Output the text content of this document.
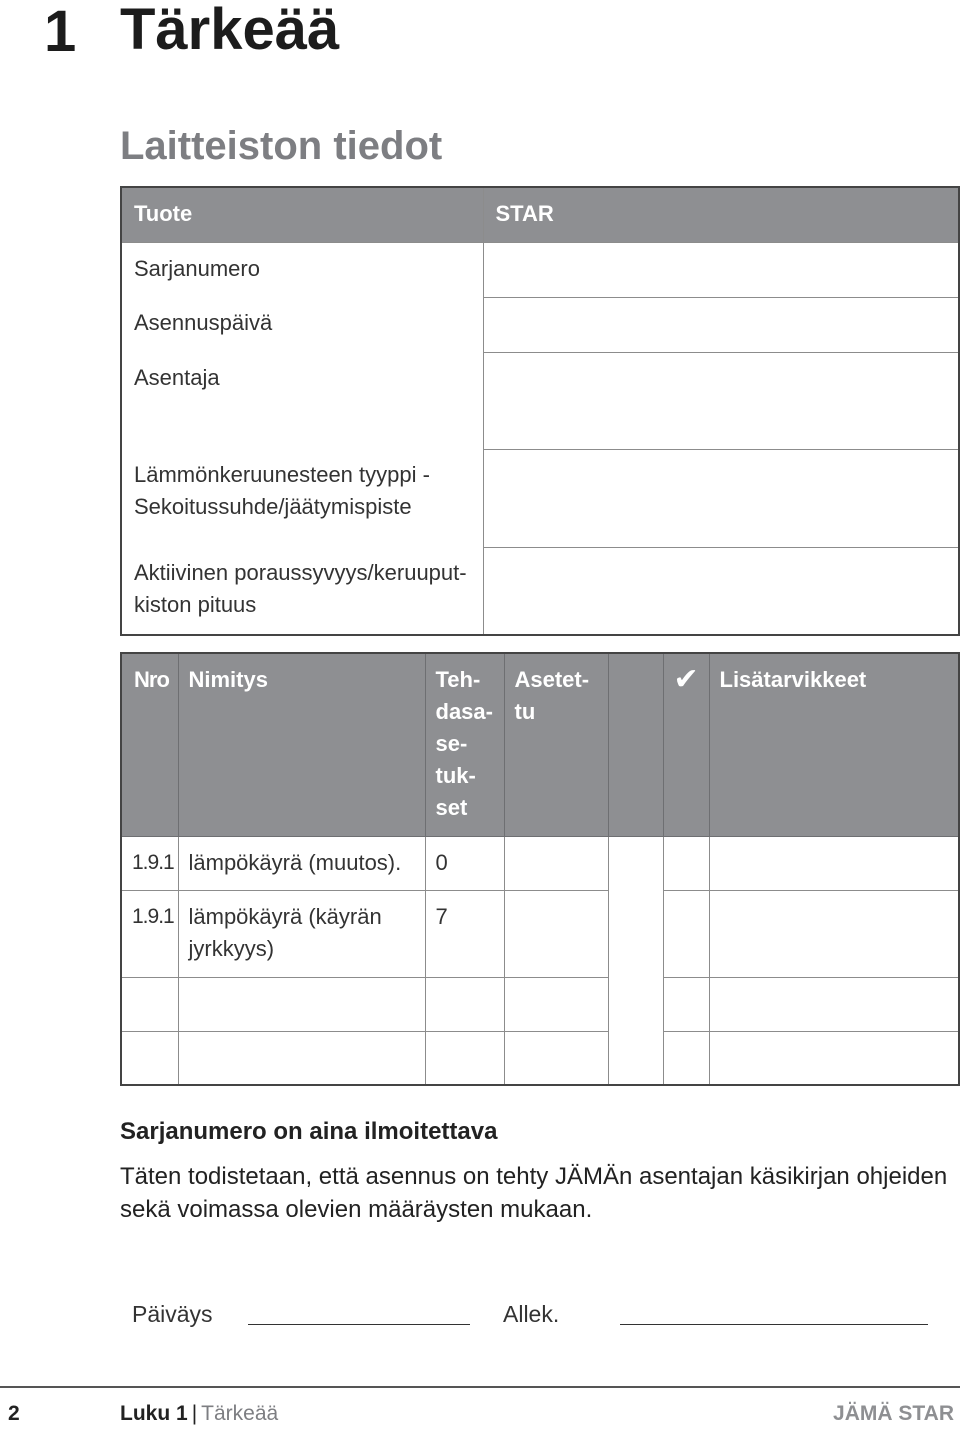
1 Tärkeää
Laitteiston tiedot
Tuote	STAR
Sarjanumero	
Asennuspäivä	
Asentaja	
Lämmönkeruunesteen tyyppi - Sekoitussuhde/jäätymispiste	
Aktiivinen poraussyvyys/keruuput-kiston pituus	
Nro	Nimitys	Teh-dasa-se-tuk-set	Asetet-tu		✔	Lisätarvikkeet
1.9.1	lämpökäyrä (muutos).	0				
1.9.1	lämpökäyrä (käyrän jyrkkyys)	7				

Sarjanumero on aina ilmoitettava
Täten todistetaan, että asennus on tehty JÄMÄn asentajan käsikirjan ohjeiden sekä voimassa olevien määräysten mukaan.
Päiväys	Allek.
2	Luku 1 | Tärkeää	JÄMÄ STAR
